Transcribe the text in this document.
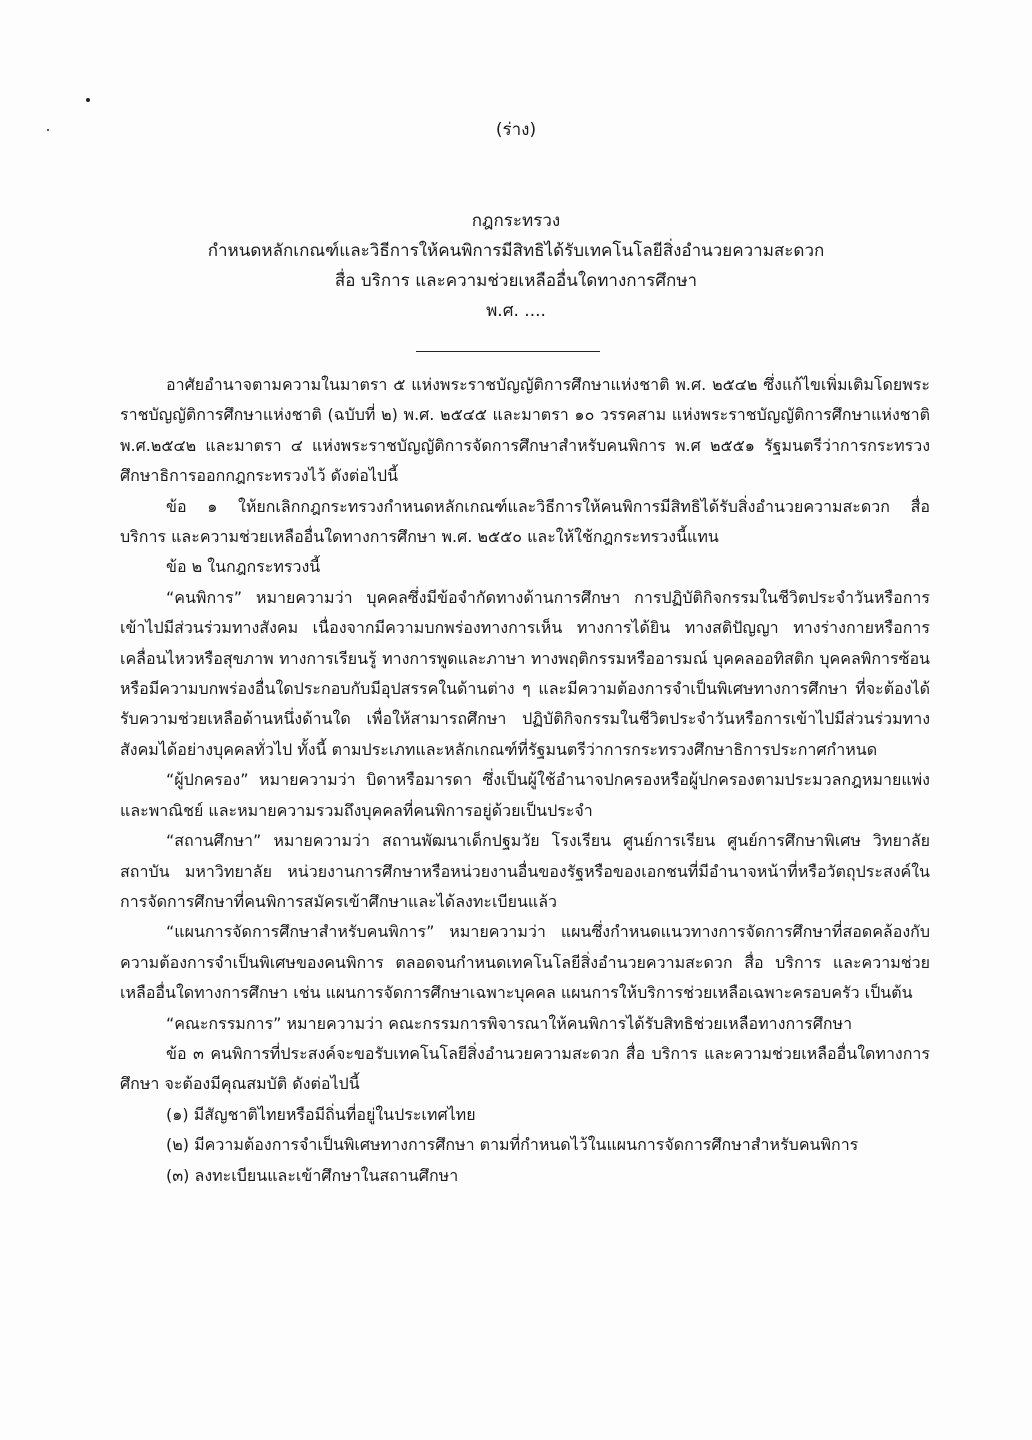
(ร่าง)
กฎกระทรวง
กำหนดหลักเกณฑ์และวิธีการให้คนพิการมีสิทธิได้รับเทคโนโลยีสิ่งอำนวยความสะดวก
สื่อ บริการ และความช่วยเหลืออื่นใดทางการศึกษา
พ.ศ. ....

อาศัยอำนาจตามความในมาตรา ๕ แห่งพระราชบัญญัติการศึกษาแห่งชาติ พ.ศ. ๒๕๔๒ ซึ่งแก้ไขเพิ่มเติมโดยพระราชบัญญัติการศึกษาแห่งชาติ (ฉบับที่ ๒) พ.ศ. ๒๕๔๕ และมาตรา ๑๐ วรรคสาม แห่งพระราชบัญญัติการศึกษาแห่งชาติ พ.ศ.๒๕๔๒ และมาตรา ๔ แห่งพระราชบัญญัติการจัดการศึกษาสำหรับคนพิการ พ.ศ ๒๕๕๑ รัฐมนตรีว่าการกระทรวงศึกษาธิการออกกฎกระทรวงไว้ ดังต่อไปนี้

ข้อ ๑ ให้ยกเลิกกฎกระทรวงกำหนดหลักเกณฑ์และวิธีการให้คนพิการมีสิทธิได้รับสิ่งอำนวยความสะดวก สื่อ บริการ และความช่วยเหลืออื่นใดทางการศึกษา พ.ศ. ๒๕๕๐ และให้ใช้กฎกระทรวงนี้แทน

ข้อ ๒ ในกฎกระทรวงนี้

“คนพิการ” หมายความว่า บุคคลซึ่งมีข้อจำกัดทางด้านการศึกษา การปฏิบัติกิจกรรมในชีวิตประจำวันหรือการเข้าไปมีส่วนร่วมทางสังคม เนื่องจากมีความบกพร่องทางการเห็น ทางการได้ยิน ทางสติปัญญา ทางร่างกายหรือการเคลื่อนไหวหรือสุขภาพ ทางการเรียนรู้ ทางการพูดและภาษา ทางพฤติกรรมหรืออารมณ์ บุคคลออทิสติก บุคคลพิการซ้อน หรือมีความบกพร่องอื่นใดประกอบกับมีอุปสรรคในด้านต่าง ๆ และมีความต้องการจำเป็นพิเศษทางการศึกษา ที่จะต้องได้รับความช่วยเหลือด้านหนึ่งด้านใด เพื่อให้สามารถศึกษา ปฏิบัติกิจกรรมในชีวิตประจำวันหรือการเข้าไปมีส่วนร่วมทางสังคมได้อย่างบุคคลทั่วไป ทั้งนี้ ตามประเภทและหลักเกณฑ์ที่รัฐมนตรีว่าการกระทรวงศึกษาธิการประกาศกำหนด

“ผู้ปกครอง” หมายความว่า บิดาหรือมารดา ซึ่งเป็นผู้ใช้อำนาจปกครองหรือผู้ปกครองตามประมวลกฎหมายแพ่งและพาณิชย์ และหมายความรวมถึงบุคคลที่คนพิการอยู่ด้วยเป็นประจำ

“สถานศึกษา” หมายความว่า สถานพัฒนาเด็กปฐมวัย โรงเรียน ศูนย์การเรียน ศูนย์การศึกษาพิเศษ วิทยาลัย สถาบัน มหาวิทยาลัย หน่วยงานการศึกษาหรือหน่วยงานอื่นของรัฐหรือของเอกชนที่มีอำนาจหน้าที่หรือวัตถุประสงค์ในการจัดการศึกษาที่คนพิการสมัครเข้าศึกษาและได้ลงทะเบียนแล้ว

“แผนการจัดการศึกษาสำหรับคนพิการ” หมายความว่า แผนซึ่งกำหนดแนวทางการจัดการศึกษาที่สอดคล้องกับความต้องการจำเป็นพิเศษของคนพิการ ตลอดจนกำหนดเทคโนโลยีสิ่งอำนวยความสะดวก สื่อ บริการ และความช่วยเหลืออื่นใดทางการศึกษา เช่น แผนการจัดการศึกษาเฉพาะบุคคล แผนการให้บริการช่วยเหลือเฉพาะครอบครัว เป็นต้น

“คณะกรรมการ” หมายความว่า คณะกรรมการพิจารณาให้คนพิการได้รับสิทธิช่วยเหลือทางการศึกษา

ข้อ ๓ คนพิการที่ประสงค์จะขอรับเทคโนโลยีสิ่งอำนวยความสะดวก สื่อ บริการ และความช่วยเหลืออื่นใดทางการศึกษา จะต้องมีคุณสมบัติ ดังต่อไปนี้

(๑) มีสัญชาติไทยหรือมีถิ่นที่อยู่ในประเทศไทย

(๒) มีความต้องการจำเป็นพิเศษทางการศึกษา ตามที่กำหนดไว้ในแผนการจัดการศึกษาสำหรับคนพิการ

(๓) ลงทะเบียนและเข้าศึกษาในสถานศึกษา
